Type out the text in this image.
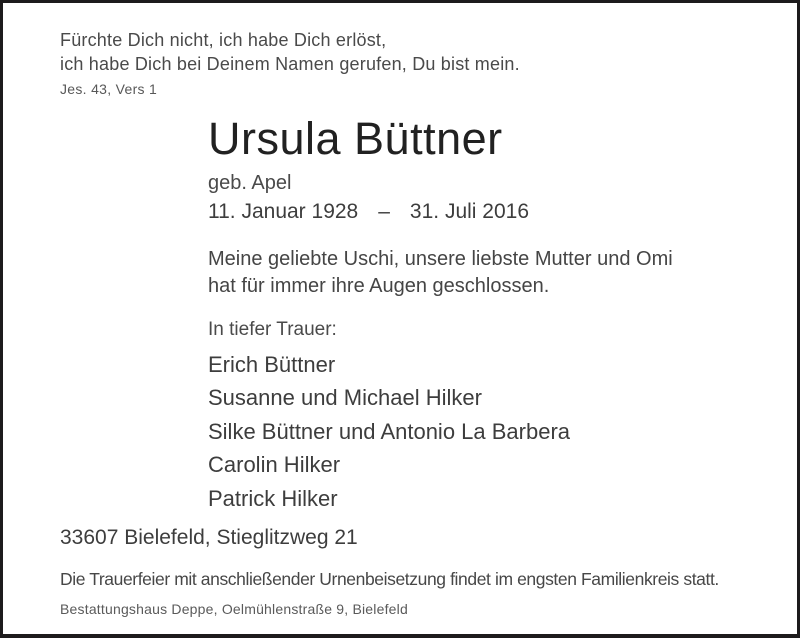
Fürchte Dich nicht, ich habe Dich erlöst,
ich habe Dich bei Deinem Namen gerufen, Du bist mein.
Jes. 43, Vers 1
Ursula Büttner
geb. Apel
11. Januar 1928 – 31. Juli 2016
Meine geliebte Uschi, unsere liebste Mutter und Omi
hat für immer ihre Augen geschlossen.
In tiefer Trauer:
Erich Büttner
Susanne und Michael Hilker
Silke Büttner und Antonio La Barbera
Carolin Hilker
Patrick Hilker
33607 Bielefeld, Stieglitzweg 21
Die Trauerfeier mit anschließender Urnenbeisetzung findet im engsten Familienkreis statt.
Bestattungshaus Deppe, Oelmühlenstraße 9, Bielefeld
